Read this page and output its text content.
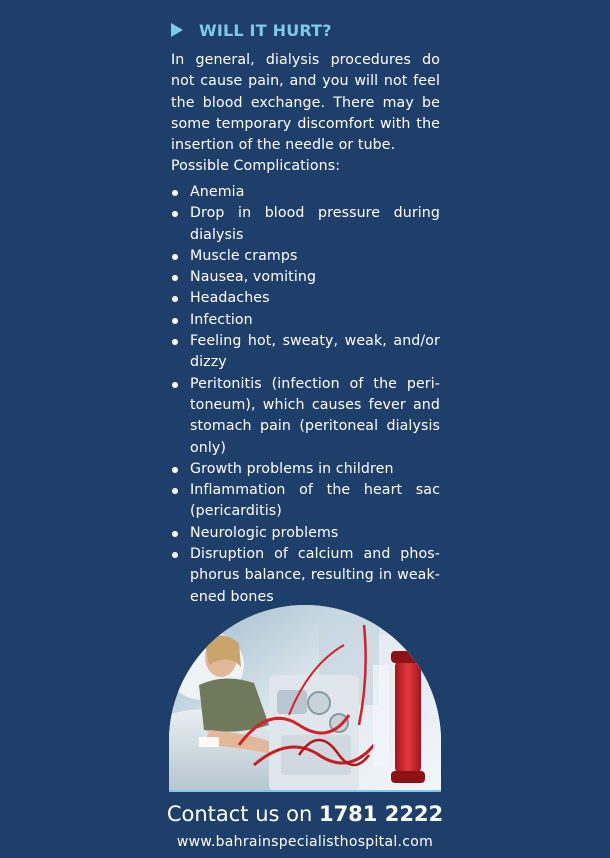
WILL IT HURT?

In general, dialysis procedures do not cause pain, and you will not feel the blood exchange. There may be some temporary discomfort with the insertion of the needle or tube.

Possible Complications:

Anemia
Drop in blood pressure during dialysis
Muscle cramps
Nausea, vomiting
Headaches
Infection
Feeling hot, sweaty, weak, and/or dizzy
Peritonitis (infection of the peri-toneum), which causes fever and stomach pain (peritoneal dialysis only)
Growth problems in children
Inflammation of the heart sac (pericarditis)
Neurologic problems
Disruption of calcium and phos-phorus balance, resulting in weak-ened bones
Contact us on 1781 2222
www.bahrainspecialisthospital.com
